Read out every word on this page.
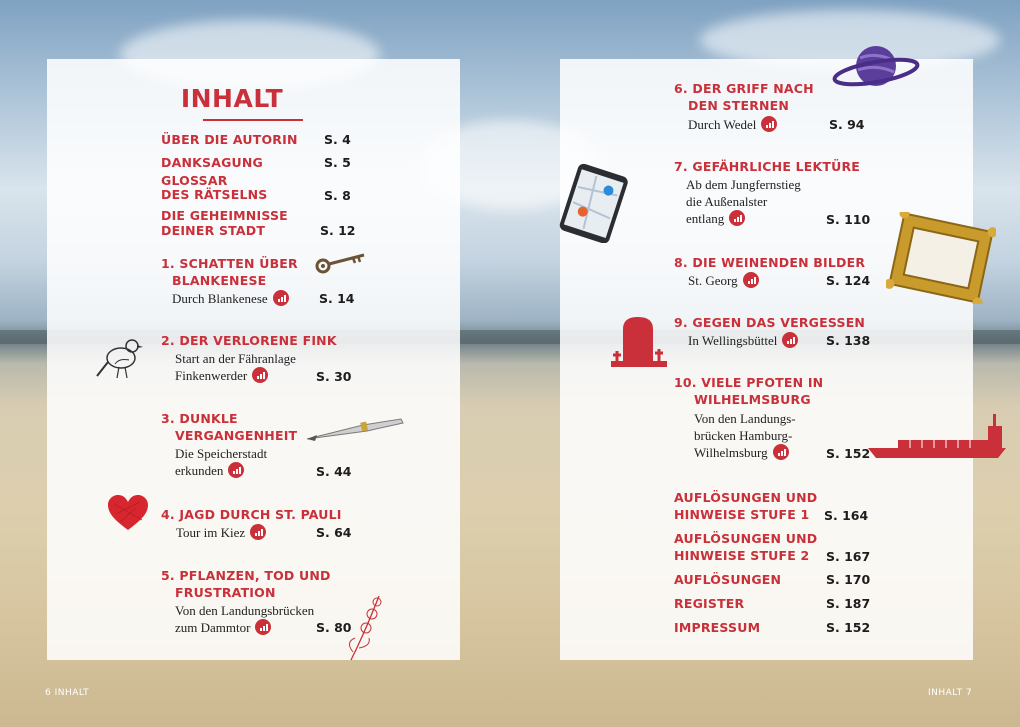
INHALT
ÜBER DIE AUTORIN S. 4
DANKSAGUNG	S. 5
GLOSSAR
DES RÄTSELNS	S. 8
DIE GEHEIMNISSE
DEINER STADT	S. 12
1. SCHATTEN ÜBER
BLANKENESE
Durch Blankenese	S. 14
2. DER VERLORENE FINK
Start an der Fähranlage
Finkenwerder	S. 30
3. DUNKLE
VERGANGENHEIT
Die Speicherstadt
erkunden	S. 44
4. JAGD DURCH ST. PAULI
Tour im Kiez	S. 64
5. PFLANZEN, TOD UND
FRUSTRATION
Von den Landungsbrücken
zum Dammtor	S. 80
6. DER GRIFF NACH
DEN STERNEN
Durch Wedel	S. 94
7. GEFÄHRLICHE LEKTÜRE
Ab dem Jungfernstieg
die Außenalster
entlang	S. 110
8. DIE WEINENDEN BILDER
St. Georg	S. 124
9. GEGEN DAS VERGESSEN
In Wellingsbüttel	S. 138
10. VIELE PFOTEN IN
WILHELMSBURG
Von den Landungs-
brücken Hamburg-
Wilhelmsburg	S. 152
AUFLÖSUNGEN UND
HINWEISE STUFE 1	S. 164
AUFLÖSUNGEN UND
HINWEISE STUFE 2	S. 167
AUFLÖSUNGEN	S. 170
REGISTER	S. 187
IMPRESSUM	S. 152
6 INHALT	INHALT 7
